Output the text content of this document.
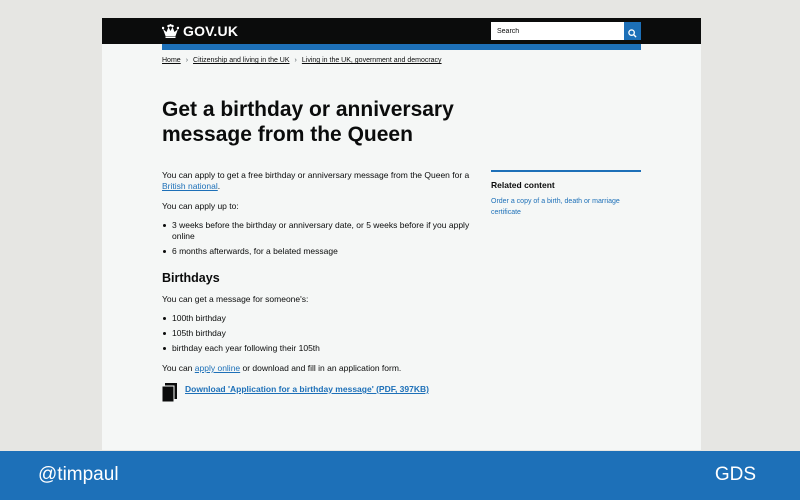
GOV.UK
Search
Home › Citizenship and living in the UK › Living in the UK, government and democracy
Get a birthday or anniversary message from the Queen

You can apply to get a free birthday or anniversary message from the Queen for a British national.

You can apply up to:

3 weeks before the birthday or anniversary date, or 5 weeks before if you apply online
6 months afterwards, for a belated message
Birthdays

You can get a message for someone's:

100th birthday
105th birthday
birthday each year following their 105th

You can apply online or download and fill in an application form.

Download 'Application for a birthday message' (PDF, 397KB)
Related content
Order a copy of a birth, death or marriage certificate
@timpaul	GDS
